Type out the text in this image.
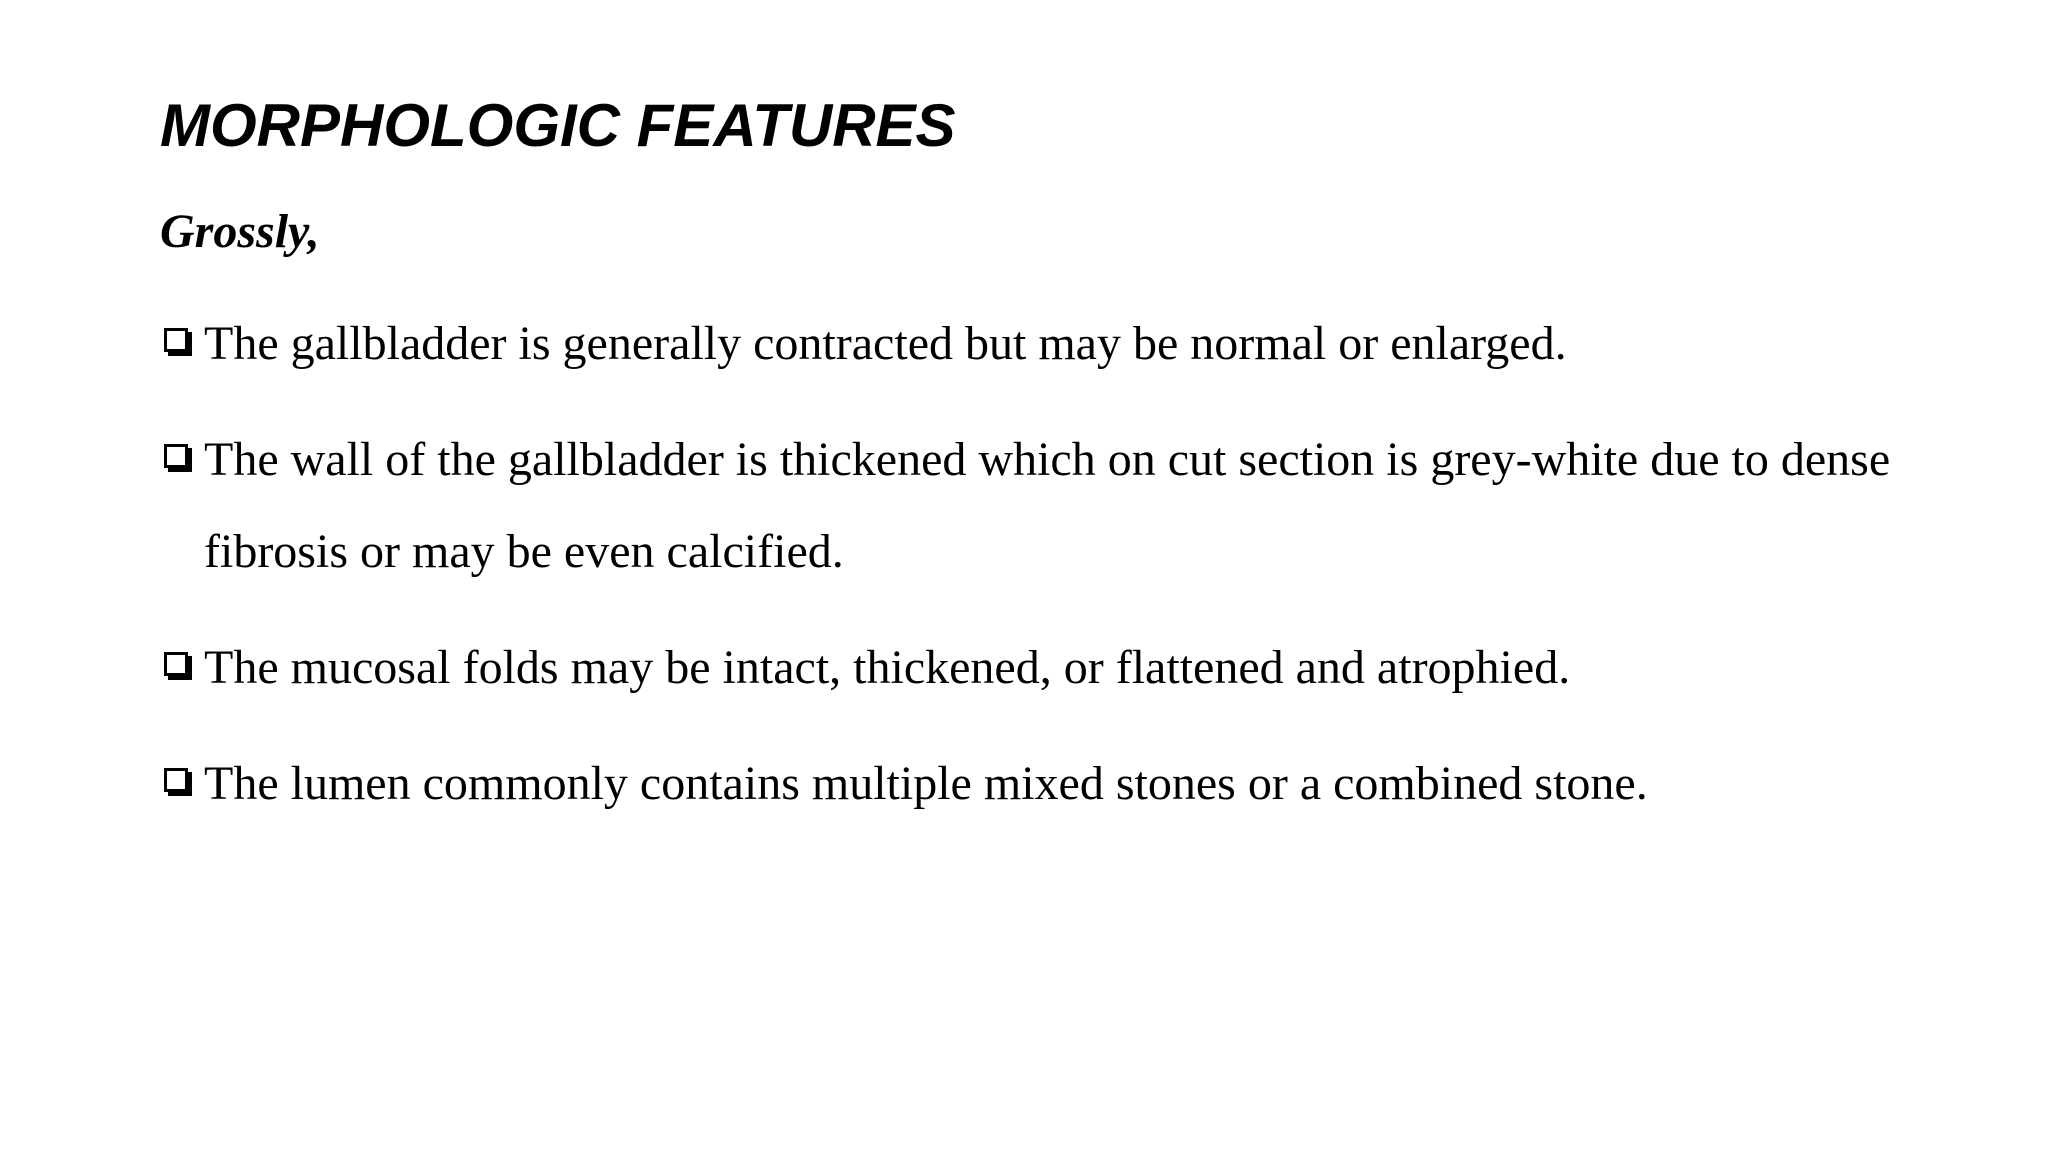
MORPHOLOGIC FEATURES

Grossly,

The gallbladder is generally contracted but may be normal or enlarged.
The wall of the gallbladder is thickened which on cut section is grey-white due to dense fibrosis or may be even calcified.
The mucosal folds may be intact, thickened, or flattened and atrophied.
The lumen commonly contains multiple mixed stones or a combined stone.
